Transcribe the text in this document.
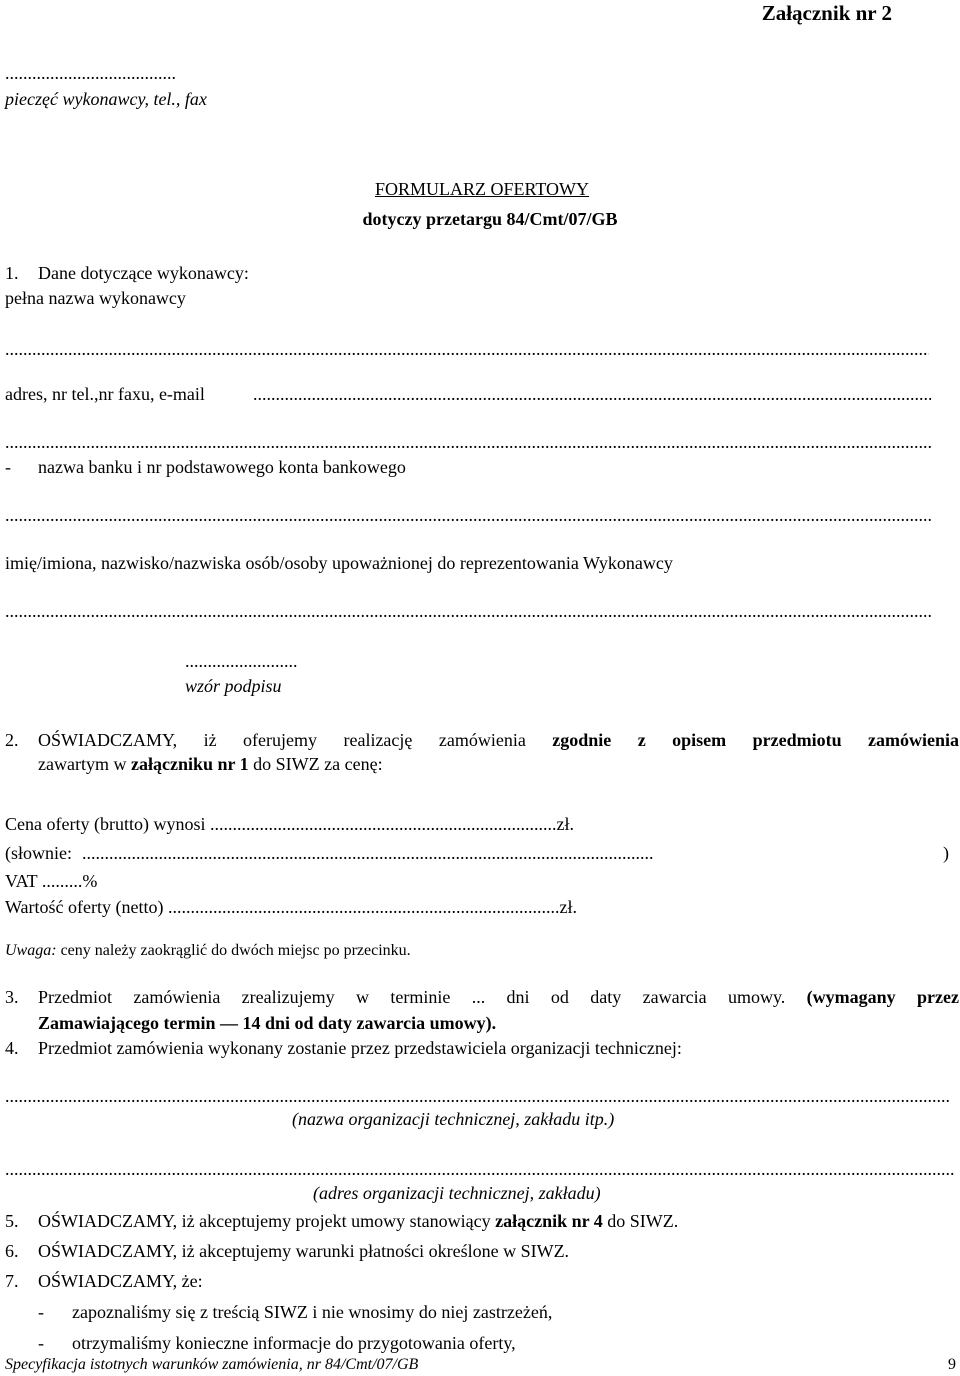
Załącznik nr 2
......................................
pieczęć wykonawcy, tel., fax
FORMULARZ OFERTOWY
dotyczy przetargu 84/Cmt/07/GB
1. Dane dotyczące wykonawcy:
pełna nazwa wykonawcy
.....
adres, nr tel.,nr faxu, e-mail
.....
.....
- nazwa banku i nr podstawowego konta bankowego
.....
imię/imiona, nazwisko/nazwiska osób/osoby upoważnionej do reprezentowania Wykonawcy
.....
.........................
wzór podpisu
2. OŚWIADCZAMY, iż oferujemy realizację zamówienia zgodnie z opisem przedmiotu zamówienia
zawartym w załączniku nr 1 do SIWZ za cenę:
Cena oferty (brutto) wynosi .............................................................................zł.
(słownie: ...............................................................................................................................	)
VAT .........%
Wartość oferty (netto) .......................................................................................zł.
Uwaga: ceny należy zaokrąglić do dwóch miejsc po przecinku.
3. Przedmiot zamówienia zrealizujemy w terminie ... dni od daty zawarcia umowy. (wymagany przez
Zamawiającego termin — 14 dni od daty zawarcia umowy).
4. Przedmiot zamówienia wykonany zostanie przez przedstawiciela organizacji technicznej:
.....
(nazwa organizacji technicznej, zakładu itp.)
.....
(adres organizacji technicznej, zakładu)
5. OŚWIADCZAMY, iż akceptujemy projekt umowy stanowiący załącznik nr 4 do SIWZ.
6. OŚWIADCZAMY, iż akceptujemy warunki płatności określone w SIWZ.
7. OŚWIADCZAMY, że:
- zapoznaliśmy się z treścią SIWZ i nie wnosimy do niej zastrzeżeń,
- otrzymaliśmy konieczne informacje do przygotowania oferty,
Specyfikacja istotnych warunków zamówienia, nr 84/Cmt/07/GB	9
